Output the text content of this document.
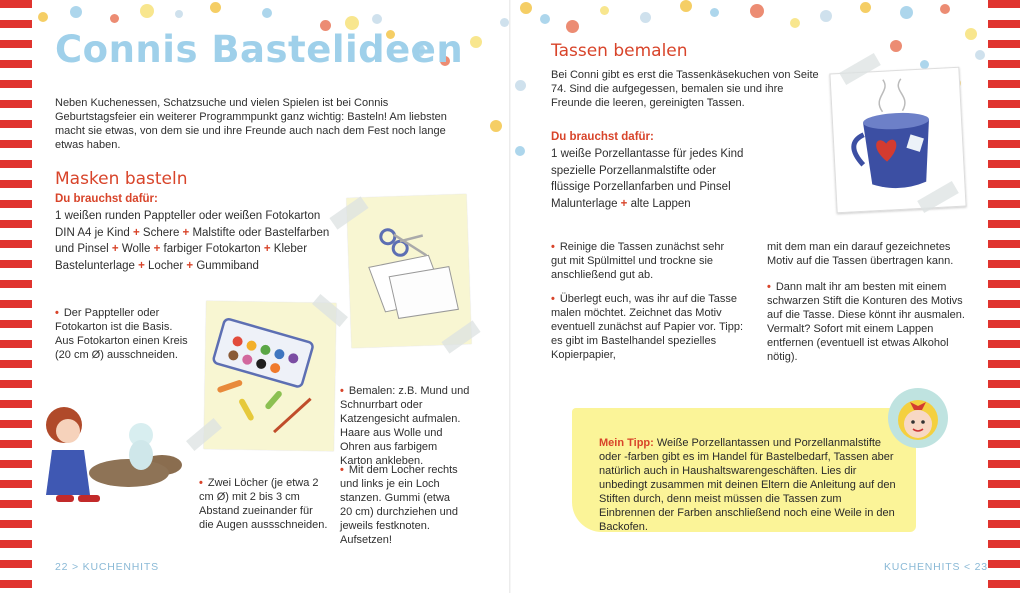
Connis Bastelideen

Neben Kuchenessen, Schatzsuche und vielen Spielen ist bei Connis Geburtstagsfeier ein weiterer Programmpunkt ganz wichtig: Basteln! Am liebsten macht sie etwas, von dem sie und ihre Freunde auch nach dem Fest noch lange etwas haben.

Masken basteln

Du brauchst dafür:

1 weißen runden Pappteller oder weißen Fotokarton
DIN A4 je Kind + Schere + Malstifte oder Bastelfarben
und Pinsel + Wolle + farbiger Fotokarton + Kleber
Bastelunterlage + Locher + Gummiband

• Der Pappteller oder Fotokarton ist die Basis. Aus Fotokarton einen Kreis (20 cm Ø) ausschneiden.

• Bemalen: z.B. Mund und Schnurrbart oder Katzengesicht aufmalen. Haare aus Wolle und Ohren aus farbigem Karton ankleben.

• Zwei Löcher (je etwa 2 cm Ø) mit 2 bis 3 cm Abstand zueinander für die Augen aussschneiden.

• Mit dem Locher rechts und links je ein Loch stanzen. Gummi (etwa 20 cm) durchziehen und jeweils festknoten. Aufsetzen!

22 > KUCHENHITS
Tassen bemalen

Bei Conni gibt es erst die Tassenkäsekuchen von Seite 74. Sind die aufgegessen, bemalen sie und ihre Freunde die leeren, gereinigten Tassen.

Du brauchst dafür:

1 weiße Porzellantasse für jedes Kind
spezielle Porzellanmalstifte oder
flüssige Porzellanfarben und Pinsel
Malunterlage + alte Lappen

• Reinige die Tassen zunächst sehr gut mit Spülmittel und trockne sie anschließend gut ab.

• Überlegt euch, was ihr auf die Tasse malen möchtet. Zeichnet das Motiv eventuell zunächst auf Papier vor. Tipp: es gibt im Bastelhandel spezielles Kopierpapier,

mit dem man ein darauf gezeichnetes Motiv auf die Tassen übertragen kann.

• Dann malt ihr am besten mit einem schwarzen Stift die Konturen des Motivs auf die Tasse. Diese könnt ihr ausmalen. Vermalt? Sofort mit einem Lappen entfernen (eventuell ist etwas Alkohol nötig).

Mein Tipp: Weiße Porzellantassen und Porzellanmalstifte oder -farben gibt es im Handel für Bastelbedarf, Tassen aber natürlich auch in Haushaltswarengeschäften. Lies dir unbedingt zusammen mit deinen Eltern die Anleitung auf den Stiften durch, denn meist müssen die Tassen zum Einbrennen der Farben anschließend noch eine Weile in den Backofen.

KUCHENHITS < 23
